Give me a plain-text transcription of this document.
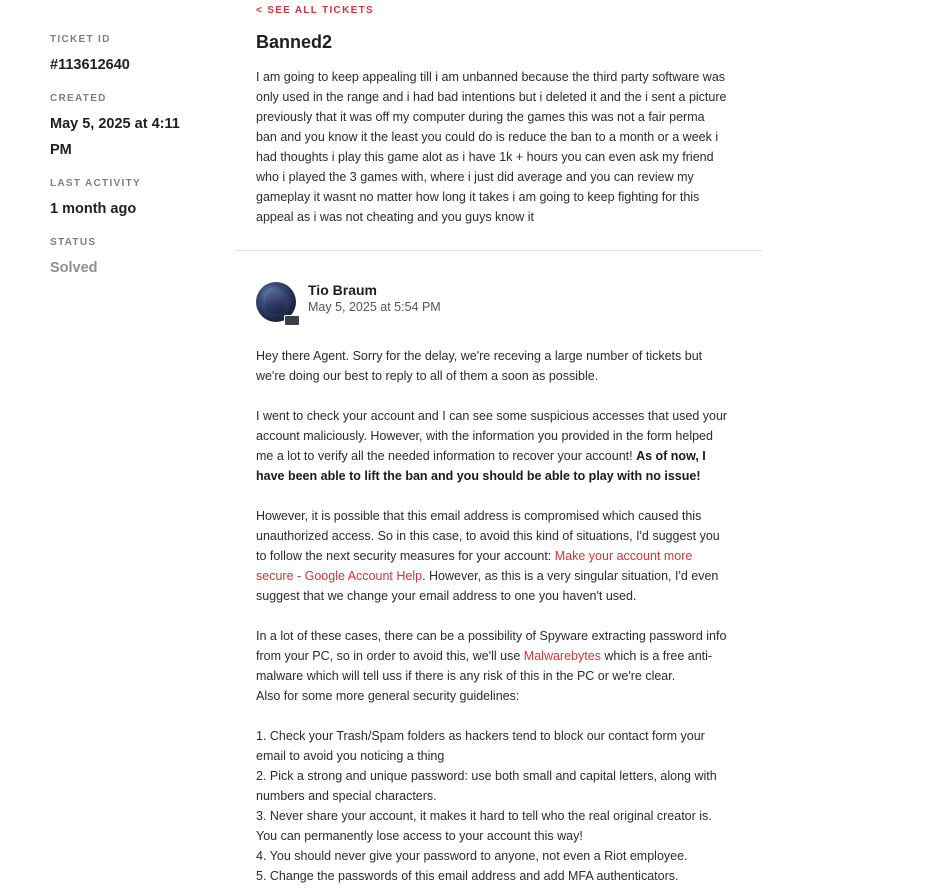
TICKET ID
#113612640
CREATED
May 5, 2025 at 4:11
PM
LAST ACTIVITY
1 month ago
STATUS
Solved
< SEE ALL TICKETS
Banned2
I am going to keep appealing till i am unbanned because the third party software was
only used in the range and i had bad intentions but i deleted it and the i sent a picture
previously that it was off my computer during the games this was not a fair perma
ban and you know it the least you could do is reduce the ban to a month or a week i
had thoughts i play this game alot as i have 1k + hours you can even ask my friend
who i played the 3 games with, where i just did average and you can review my
gameplay it wasnt no matter how long it takes i am going to keep fighting for this
appeal as i was not cheating and you guys know it
Tio Braum
May 5, 2025 at 5:54 PM

Hey there Agent. Sorry for the delay, we're receving a large number of tickets but
we're doing our best to reply to all of them a soon as possible.

I went to check your account and I can see some suspicious accesses that used your
account maliciously. However, with the information you provided in the form helped
me a lot to verify all the needed information to recover your account! As of now, I
have been able to lift the ban and you should be able to play with no issue!

However, it is possible that this email address is compromised which caused this
unauthorized access. So in this case, to avoid this kind of situations, I'd suggest you
to follow the next security measures for your account: Make your account more
secure - Google Account Help. However, as this is a very singular situation, I'd even
suggest that we change your email address to one you haven't used.

In a lot of these cases, there can be a possibility of Spyware extracting password info
from your PC, so in order to avoid this, we'll use Malwarebytes which is a free anti-
malware which will tell uss if there is any risk of this in the PC or we're clear.
Also for some more general security guidelines:

1. Check your Trash/Spam folders as hackers tend to block our contact form your
email to avoid you noticing a thing
2. Pick a strong and unique password: use both small and capital letters, along with
numbers and special characters.
3. Never share your account, it makes it hard to tell who the real original creator is.
You can permanently lose access to your account this way!
4. You should never give your password to anyone, not even a Riot employee.
5. Change the passwords of this email address and add MFA authenticators.
